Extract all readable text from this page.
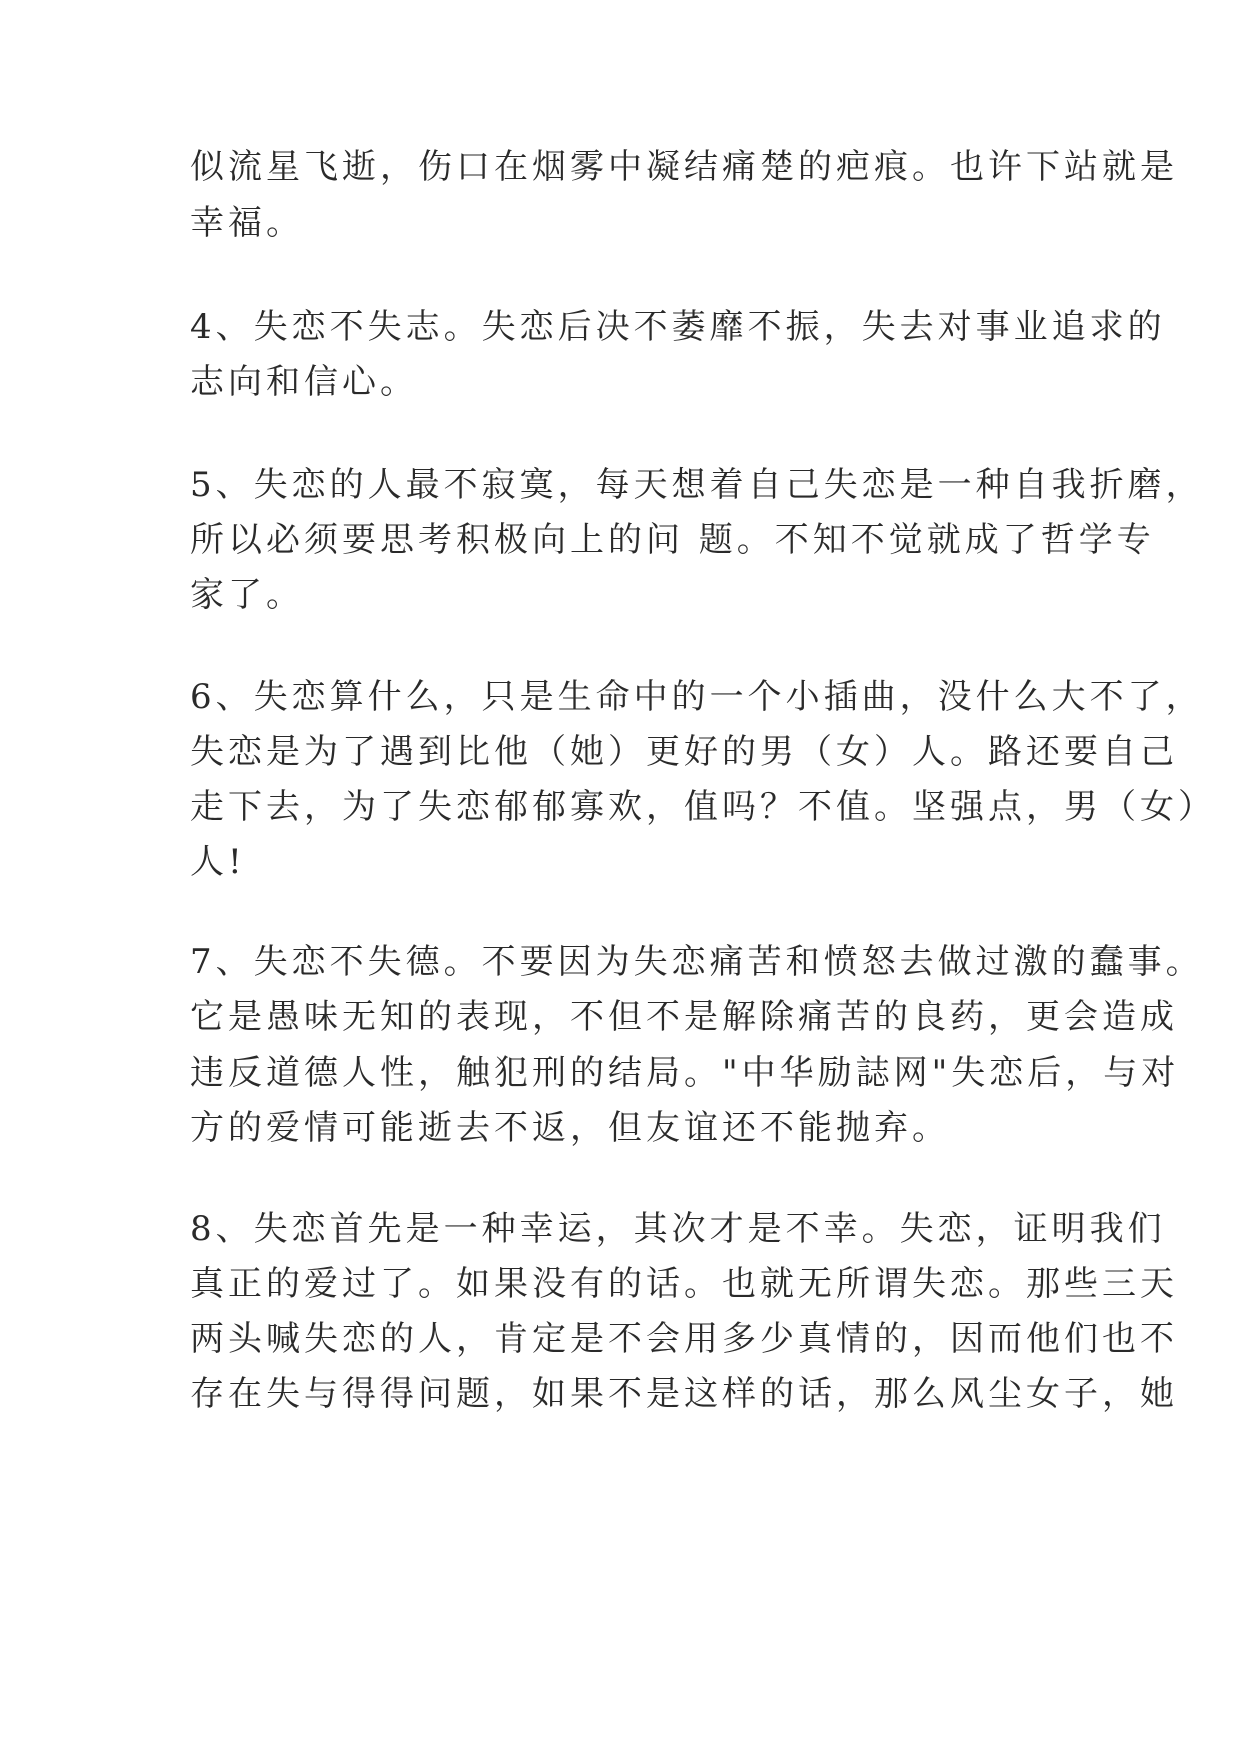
似流星飞逝，伤口在烟雾中凝结痛楚的疤痕。也许下站就是
幸福。
4、失恋不失志。失恋后决不萎靡不振，失去对事业追求的
志向和信心。
5、失恋的人最不寂寞，每天想着自己失恋是一种自我折磨，
所以必须要思考积极向上的问 题。不知不觉就成了哲学专
家了。
6、失恋算什么，只是生命中的一个小插曲，没什么大不了，
失恋是为了遇到比他（她）更好的男（女）人。路还要自己
走下去，为了失恋郁郁寡欢，值吗？不值。坚强点，男（女）
人!
7、失恋不失德。不要因为失恋痛苦和愤怒去做过激的蠢事。
它是愚味无知的表现，不但不是解除痛苦的良药，更会造成
违反道德人性，触犯刑的结局。"中华励誌网"失恋后，与对
方的爱情可能逝去不返，但友谊还不能抛弃。
8、失恋首先是一种幸运，其次才是不幸。失恋，证明我们
真正的爱过了。如果没有的话。也就无所谓失恋。那些三天
两头喊失恋的人，肯定是不会用多少真情的，因而他们也不
存在失与得得问题，如果不是这样的话，那么风尘女子，她
